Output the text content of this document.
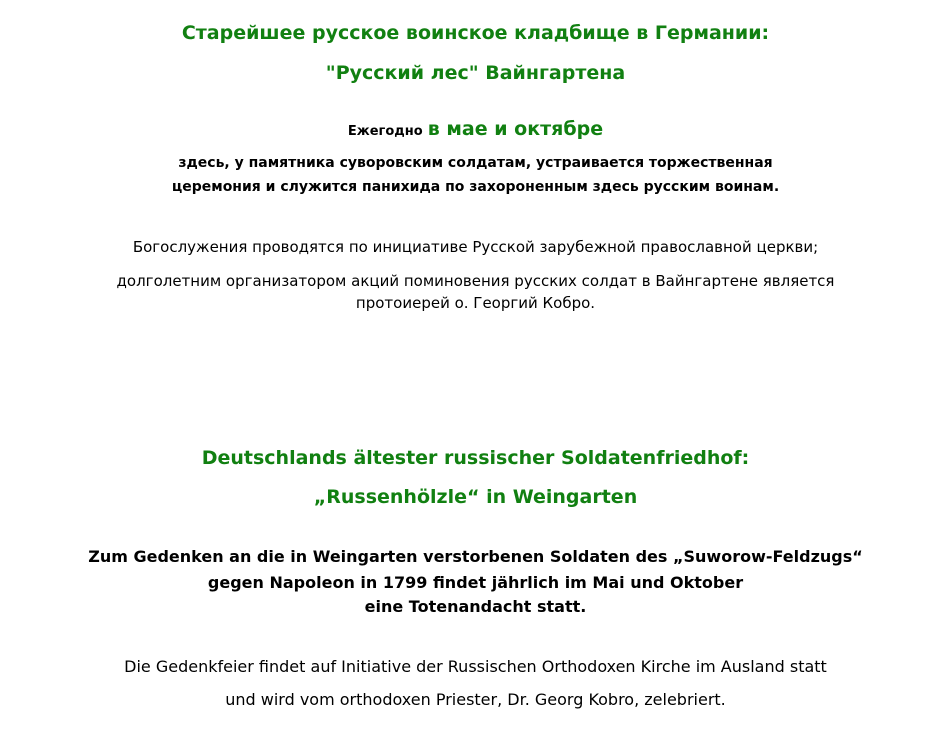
Старейшее русское воинское кладбище в Германии:
"Русский лес" Вайнгартена
Ежегодно в мае и октябре
здесь, у памятника суворовским солдатам, устраивается торжественная
церемония и служится панихида по захороненным здесь русским воинам.
Богослужения проводятся по инициативе Русской зарубежной православной церкви;
долголетним организатором акций поминовения русских солдат в Вайнгартене является
протоиерей о. Георгий Кобро.
Deutschlands ältester russischer Soldatenfriedhof:
„Russenhölzle“ in Weingarten
Zum Gedenken an die in Weingarten verstorbenen Soldaten des „Suworow-Feldzugs“
gegen Napoleon in 1799 findet jährlich im Mai und Oktober
eine Totenandacht statt.
Die Gedenkfeier findet auf Initiative der Russischen Orthodoxen Kirche im Ausland statt
und wird vom orthodoxen Priester, Dr. Georg Kobro, zelebriert.
